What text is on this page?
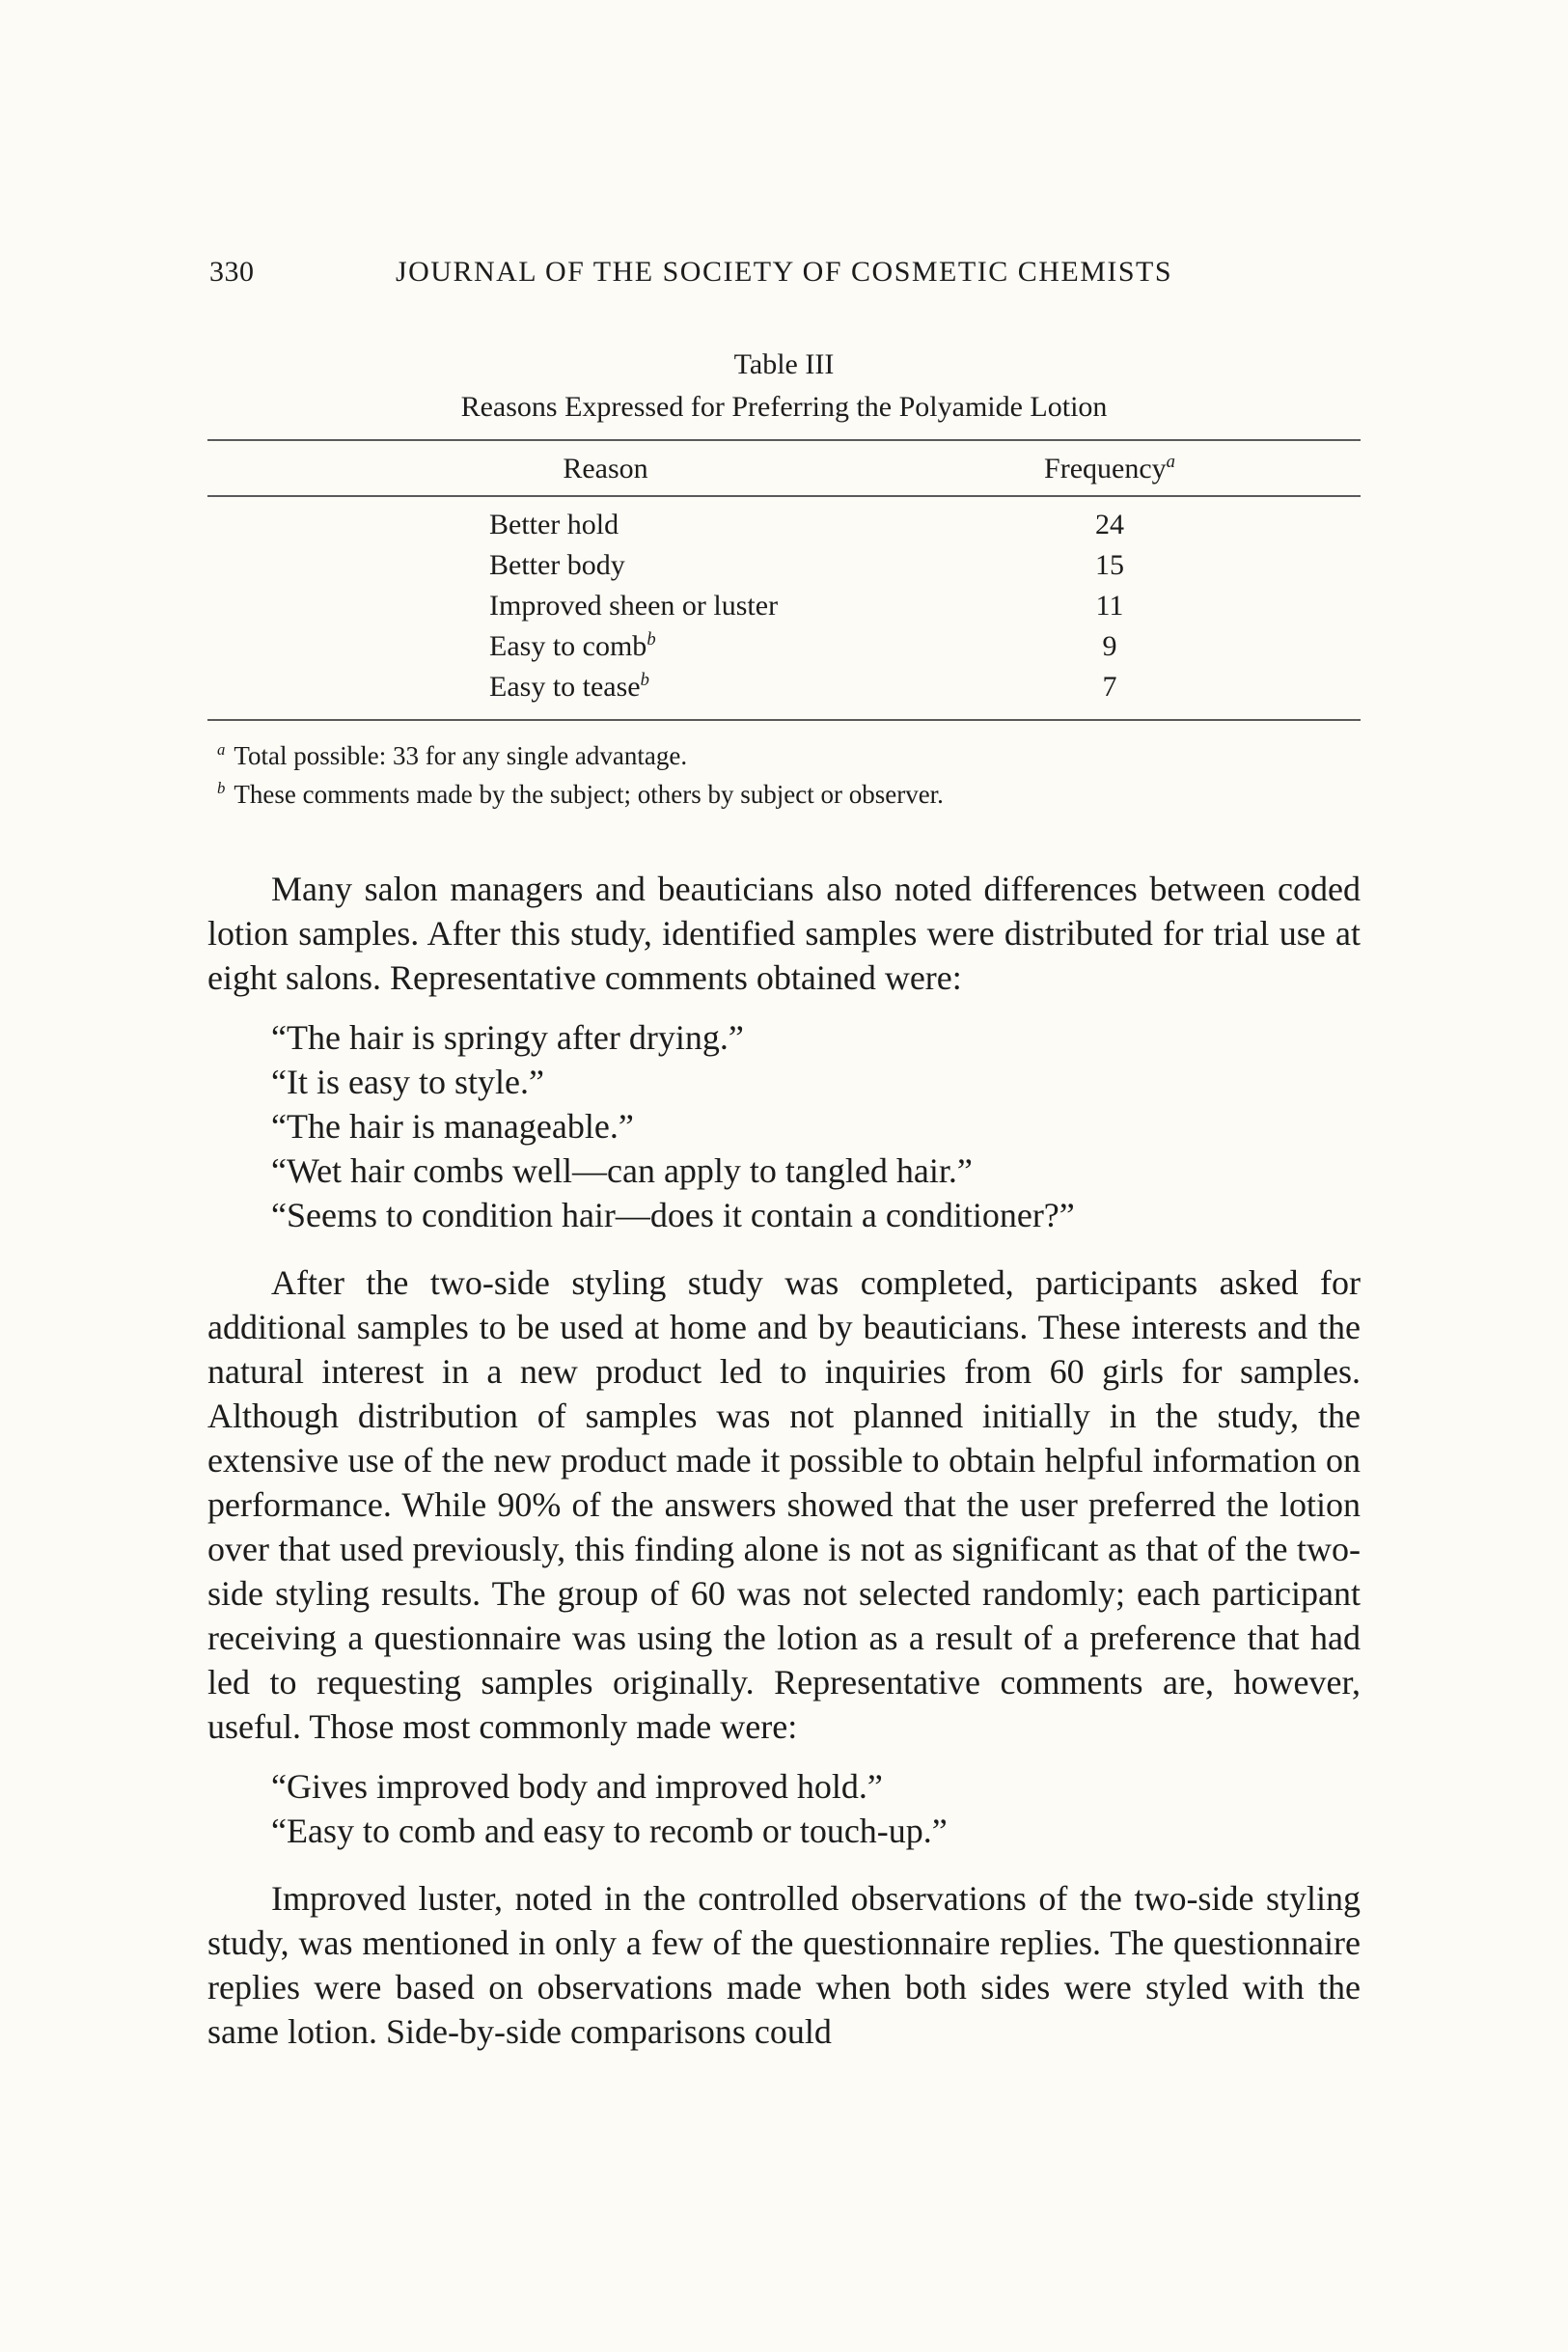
330	JOURNAL OF THE SOCIETY OF COSMETIC CHEMISTS
Table III
Reasons Expressed for Preferring the Polyamide Lotion
Reason	Frequency$^a$
Better hold	24
Better body	15
Improved sheen or luster	11
Easy to comb$^b$	9
Easy to tease$^b$	7
$^a$ Total possible: 33 for any single advantage.
$^b$ These comments made by the subject; others by subject or observer.

Many salon managers and beauticians also noted differences between coded lotion samples. After this study, identified samples were distributed for trial use at eight salons. Representative comments obtained were:

“The hair is springy after drying.”
“It is easy to style.”
“The hair is manageable.”
“Wet hair combs well—can apply to tangled hair.”
“Seems to condition hair—does it contain a conditioner?”

After the two-side styling study was completed, participants asked for additional samples to be used at home and by beauticians. These interests and the natural interest in a new product led to inquiries from 60 girls for samples. Although distribution of samples was not planned initially in the study, the extensive use of the new product made it possible to obtain helpful information on performance. While 90% of the answers showed that the user preferred the lotion over that used previously, this finding alone is not as significant as that of the two-side styling results. The group of 60 was not selected randomly; each participant receiving a questionnaire was using the lotion as a result of a preference that had led to requesting samples originally. Representative comments are, however, useful. Those most commonly made were:

“Gives improved body and improved hold.”
“Easy to comb and easy to recomb or touch-up.”

Improved luster, noted in the controlled observations of the two-side styling study, was mentioned in only a few of the questionnaire replies. The questionnaire replies were based on observations made when both sides were styled with the same lotion. Side-by-side comparisons could
